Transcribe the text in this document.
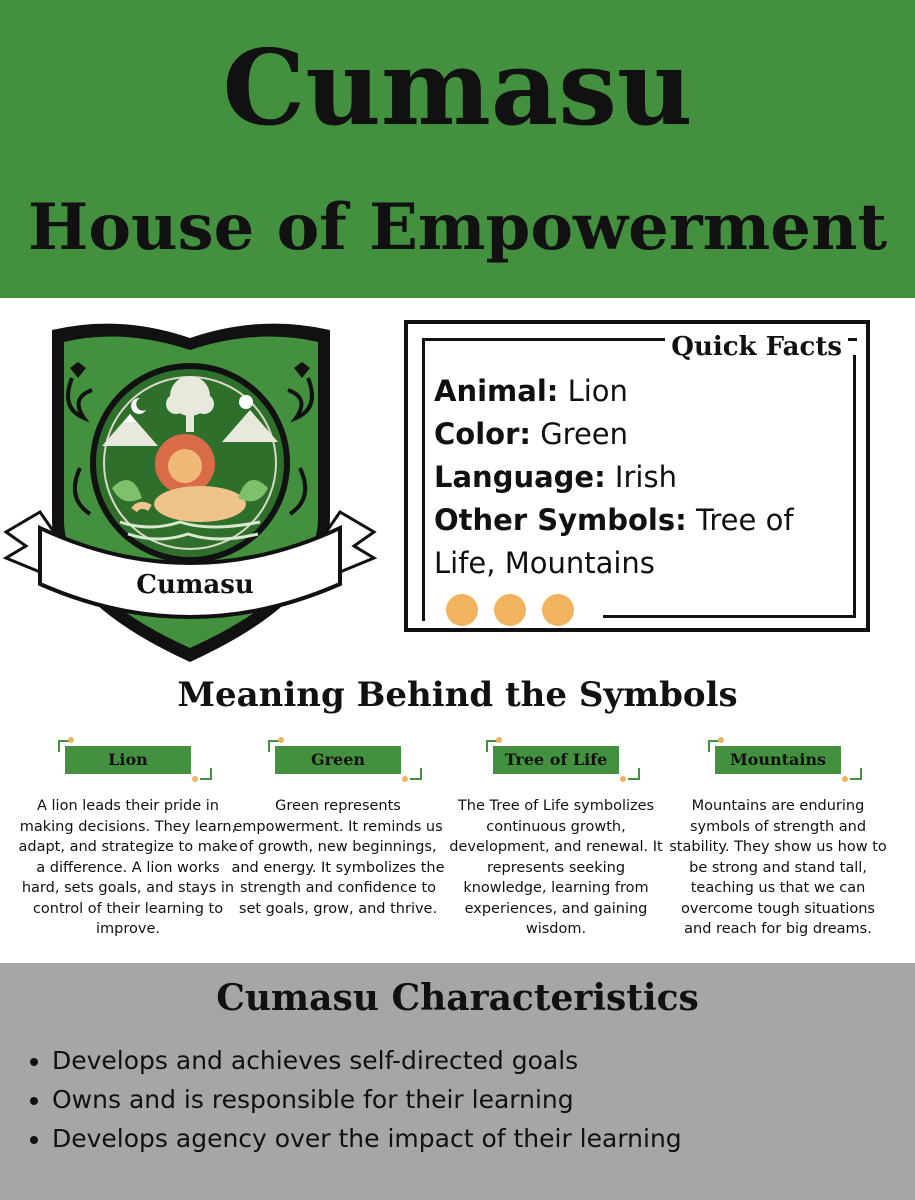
Cumasu
House of Empowerment
Cumasu
Quick Facts
Animal: Lion
Color: Green
Language: Irish
Other Symbols: Tree of Life, Mountains
Meaning Behind the Symbols
Lion
A lion leads their pride in making decisions. They learn, adapt, and strategize to make a difference. A lion works hard, sets goals, and stays in control of their learning to improve.
Green
Green represents empowerment. It reminds us of growth, new beginnings, and energy. It symbolizes the strength and confidence to set goals, grow, and thrive.
Tree of Life
The Tree of Life symbolizes continuous growth, development, and renewal. It represents seeking knowledge, learning from experiences, and gaining wisdom.
Mountains
Mountains are enduring symbols of strength and stability. They show us how to be strong and stand tall, teaching us that we can overcome tough situations and reach for big dreams.
Cumasu Characteristics
• Develops and achieves self-directed goals
• Owns and is responsible for their learning
• Develops agency over the impact of their learning
